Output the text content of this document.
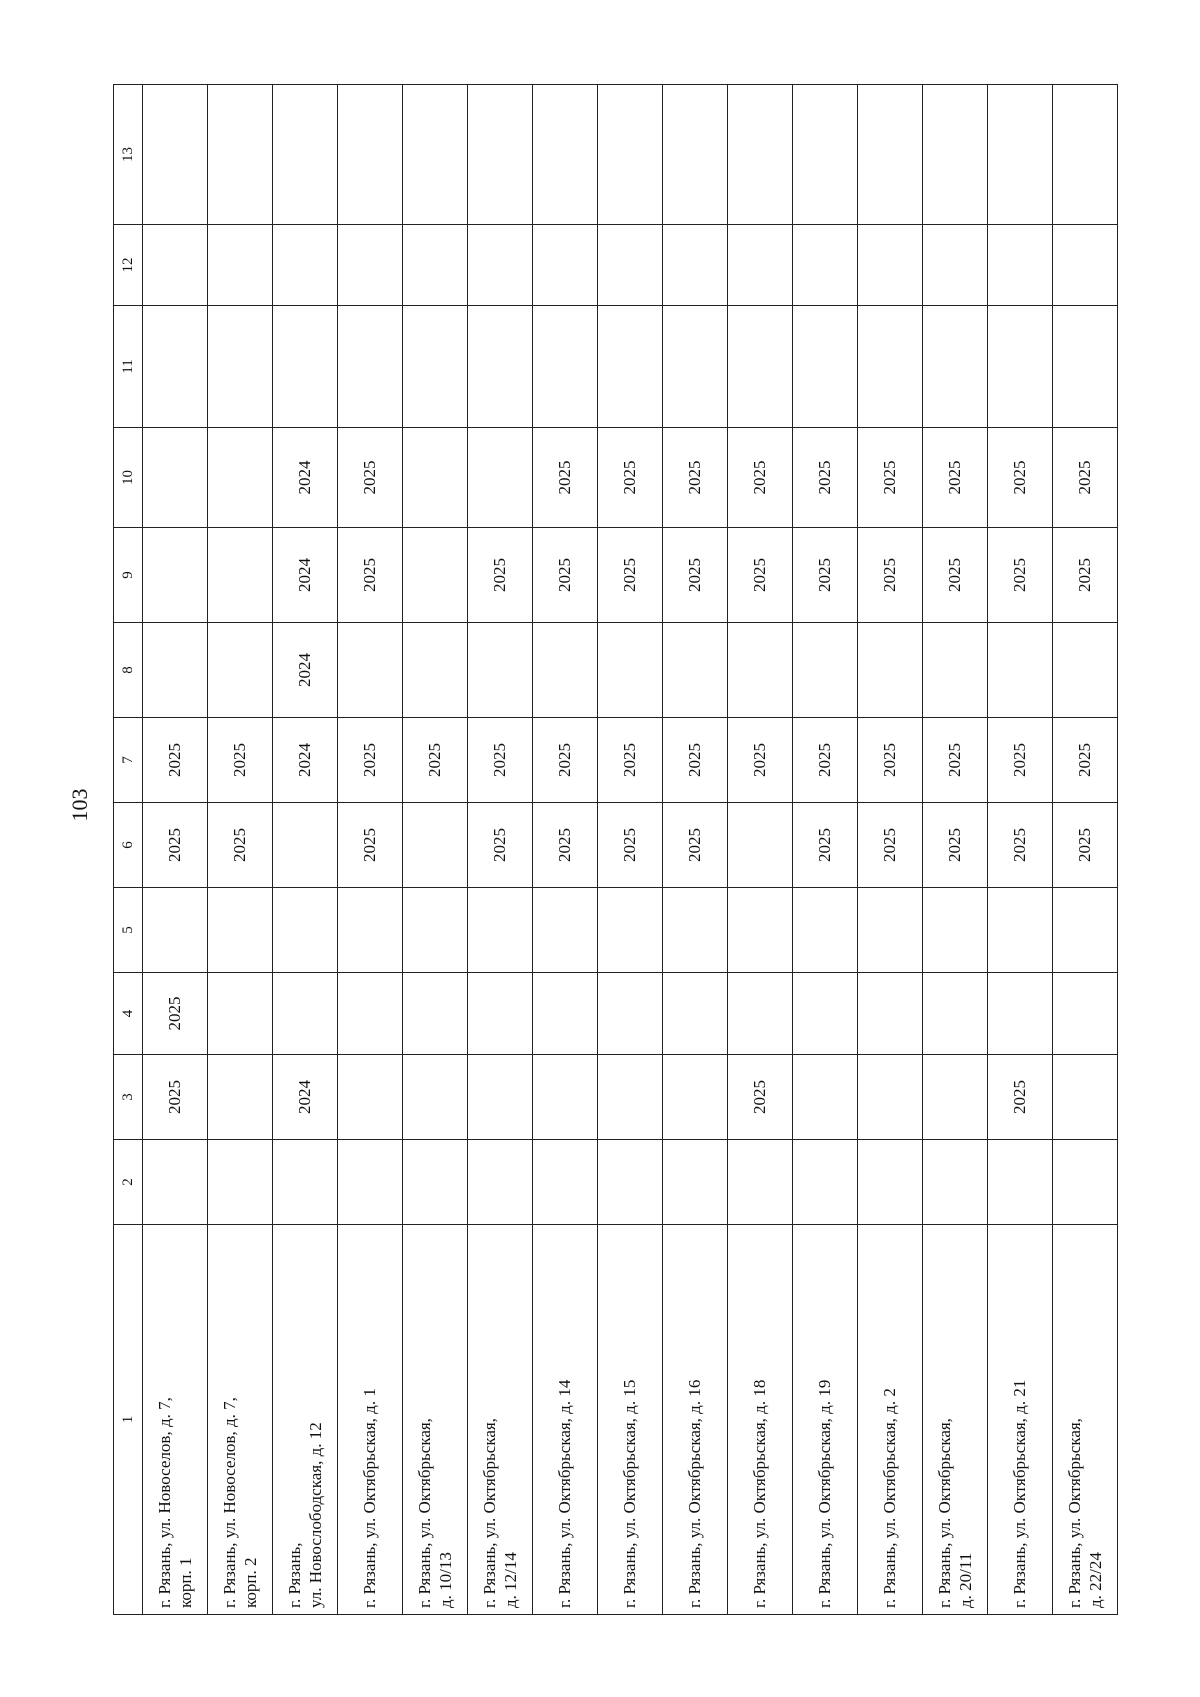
103
1	2	3	4	5	6	7	8	9	10	11	12	13
г. Рязань, ул. Новоселов, д. 7,
корп. 1		2025	2025		2025	2025						
г. Рязань, ул. Новоселов, д. 7,
корп. 2					2025	2025						
г. Рязань,
ул. Новослободская, д. 12		2024				2024	2024	2024	2024			
г. Рязань, ул. Октябрьская, д. 1					2025	2025		2025	2025			
г. Рязань, ул. Октябрьская,
д. 10/13						2025						
г. Рязань, ул. Октябрьская,
д. 12/14					2025	2025		2025				
г. Рязань, ул. Октябрьская, д. 14					2025	2025		2025	2025			
г. Рязань, ул. Октябрьская, д. 15					2025	2025		2025	2025			
г. Рязань, ул. Октябрьская, д. 16					2025	2025		2025	2025			
г. Рязань, ул. Октябрьская, д. 18		2025				2025		2025	2025			
г. Рязань, ул. Октябрьская, д. 19					2025	2025		2025	2025			
г. Рязань, ул. Октябрьская, д. 2					2025	2025		2025	2025			
г. Рязань, ул. Октябрьская,
д. 20/11					2025	2025		2025	2025			
г. Рязань, ул. Октябрьская, д. 21		2025			2025	2025		2025	2025			
г. Рязань, ул. Октябрьская,
д. 22/24					2025	2025		2025	2025			
